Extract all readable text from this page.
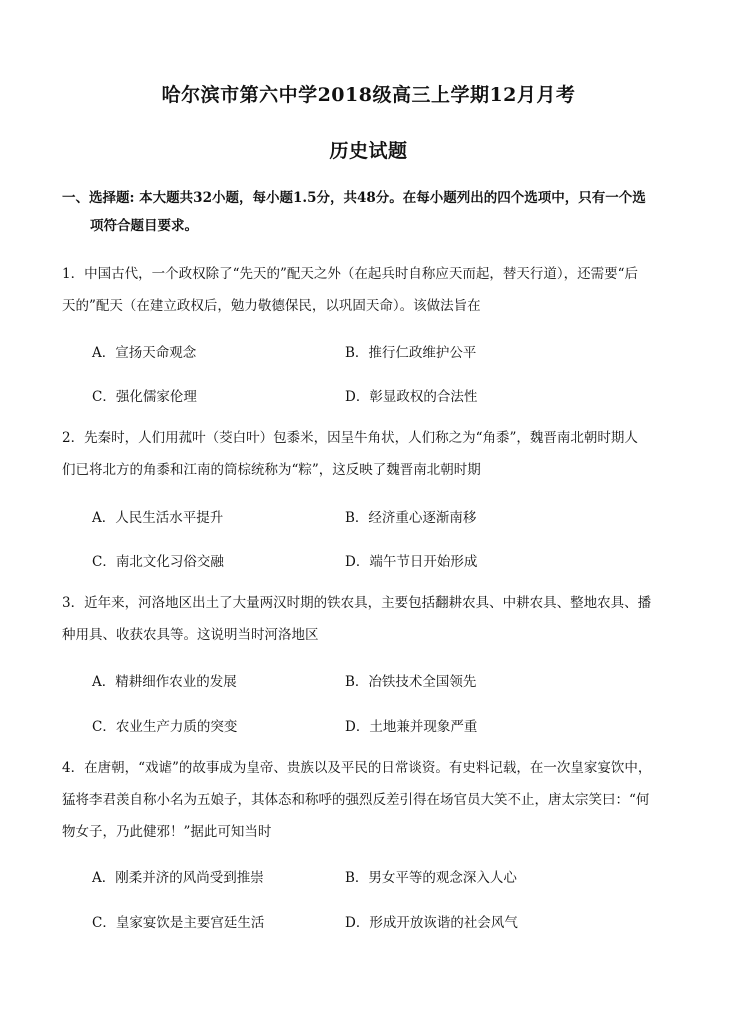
哈尔滨市第六中学2018级高三上学期12月月考
历史试题
一、选择题: 本大题共32小题，每小题1.5分，共48分。在每小题列出的四个选项中，只有一个选
项符合题目要求。
1．中国古代，一个政权除了“先天的”配天之外（在起兵时自称应天而起，替天行道），还需要“后
天的”配天（在建立政权后，勉力敬德保民，以巩固天命）。该做法旨在
A．宣扬天命观念	B．推行仁政维护公平
C．强化儒家伦理	D．彰显政权的合法性
2．先秦时，人们用菰叶（茭白叶）包黍米，因呈牛角状，人们称之为“角黍”，魏晋南北朝时期人
们已将北方的角黍和江南的筒棕统称为“粽”，这反映了魏晋南北朝时期
A．人民生活水平提升	B．经济重心逐渐南移
C．南北文化习俗交融	D．端午节日开始形成
3．近年来，河洛地区出土了大量两汉时期的铁农具，主要包括翻耕农具、中耕农具、整地农具、播
种用具、收获农具等。这说明当时河洛地区
A．精耕细作农业的发展	B．冶铁技术全国领先
C．农业生产力质的突变	D．土地兼并现象严重
4．在唐朝，“戏谑”的故事成为皇帝、贵族以及平民的日常谈资。有史料记载，在一次皇家宴饮中，
猛将李君羡自称小名为五娘子，其体态和称呼的强烈反差引得在场官员大笑不止，唐太宗笑曰：“何
物女子，乃此健邪！”据此可知当时
A．刚柔并济的风尚受到推崇	B．男女平等的观念深入人心
C．皇家宴饮是主要宫廷生活	D．形成开放诙谐的社会风气
